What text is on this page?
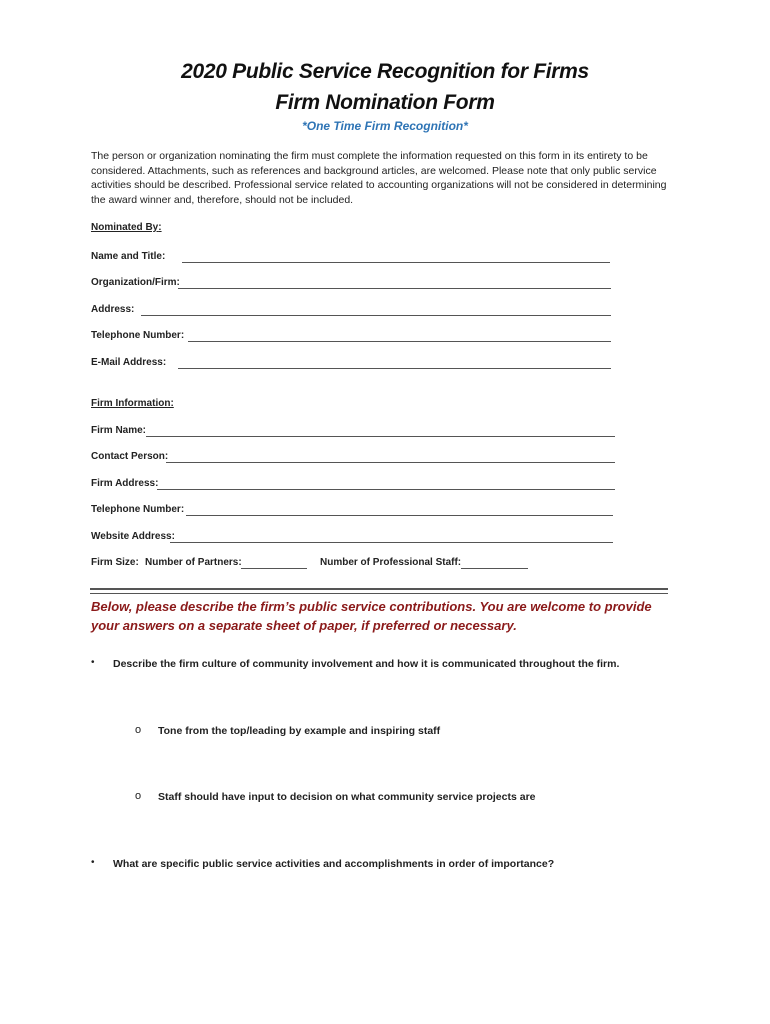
2020 Public Service Recognition for Firms
Firm Nomination Form
*One Time Firm Recognition*
The person or organization nominating the firm must complete the information requested on this form in its entirety to be considered. Attachments, such as references and background articles, are welcomed. Please note that only public service activities should be described. Professional service related to accounting organizations will not be considered in determining the award winner and, therefore, should not be included.
Nominated By:
Name and Title:
Organization/Firm:
Address:
Telephone Number:
E-Mail Address:
Firm Information:
Firm Name:
Contact Person:
Firm Address:
Telephone Number:
Website Address:
Firm Size: Number of Partners:	Number of Professional Staff:
Below, please describe the firm’s public service contributions. You are welcome to provide your answers on a separate sheet of paper, if preferred or necessary.
• Describe the firm culture of community involvement and how it is communicated throughout the firm.
o Tone from the top/leading by example and inspiring staff
o Staff should have input to decision on what community service projects are
• What are specific public service activities and accomplishments in order of importance?
